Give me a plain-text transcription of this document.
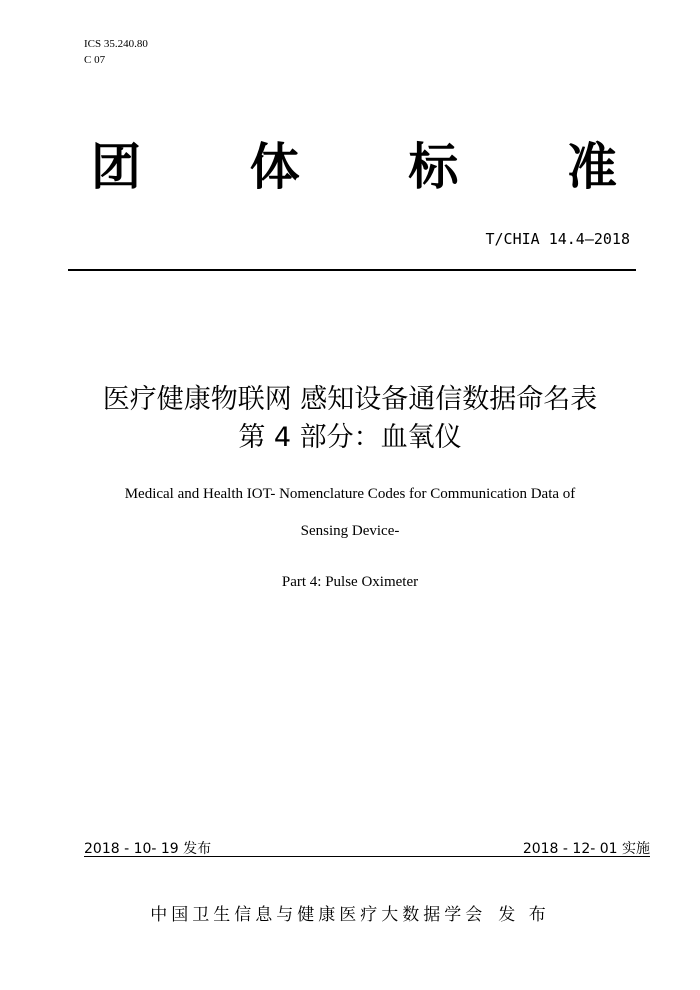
ICS 35.240.80
C 07
团 体 标 准
T/CHIA 14.4—2018
医疗健康物联网 感知设备通信数据命名表
第 4 部分：血氧仪
Medical and Health IOT- Nomenclature Codes for Communication Data of
Sensing Device-
Part 4: Pulse Oximeter
2018 - 10- 19 发布	2018 - 12- 01 实施
中国卫生信息与健康医疗大数据学会 发 布
